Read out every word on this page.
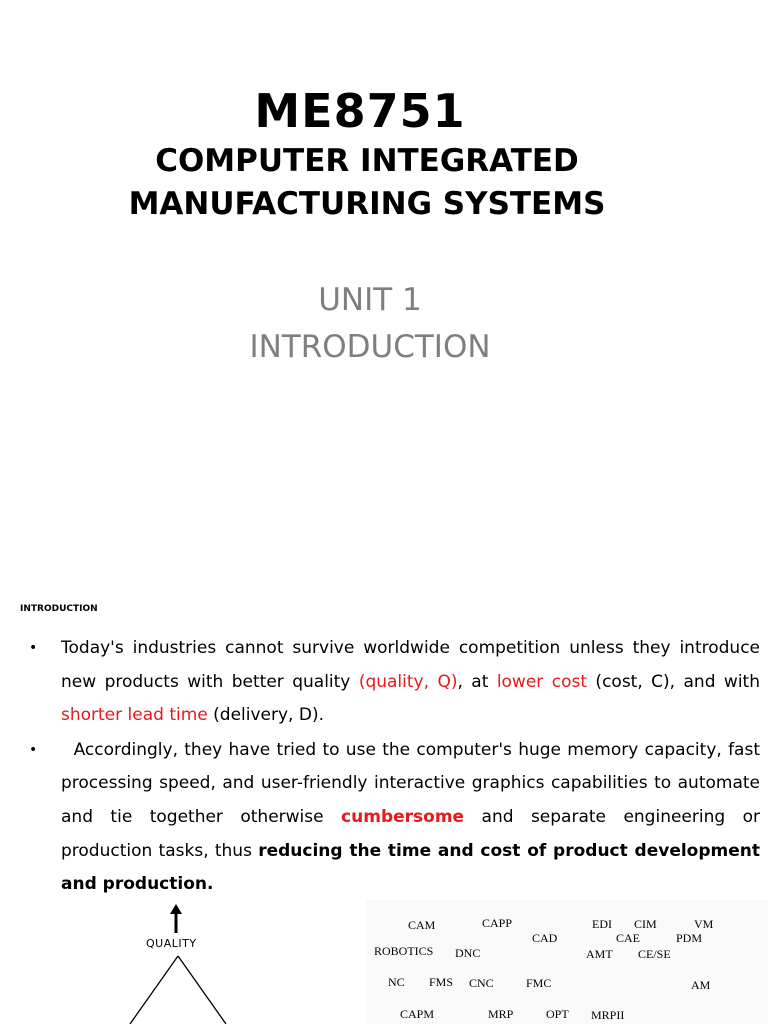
ME8751
COMPUTER INTEGRATED
MANUFACTURING SYSTEMS
UNIT 1
INTRODUCTION
INTRODUCTION
• Today's industries cannot survive worldwide competition unless they introduce new products with better quality (quality, Q), at lower cost (cost, C), and with shorter lead time (delivery, D).
• Accordingly, they have tried to use the computer's huge memory capacity, fast processing speed, and user-friendly interactive graphics capabilities to automate and tie together otherwise cumbersome and separate engineering or production tasks, thus reducing the time and cost of product development and production.
QUALITY
CAM	CAPP
CAD
EDI CIM	VM
CAE	PDM
ROBOTICS DNC	AMT CE/SE
NC FMS CNC	FMC	AM
CAPM	MRP	OPT MRPII
